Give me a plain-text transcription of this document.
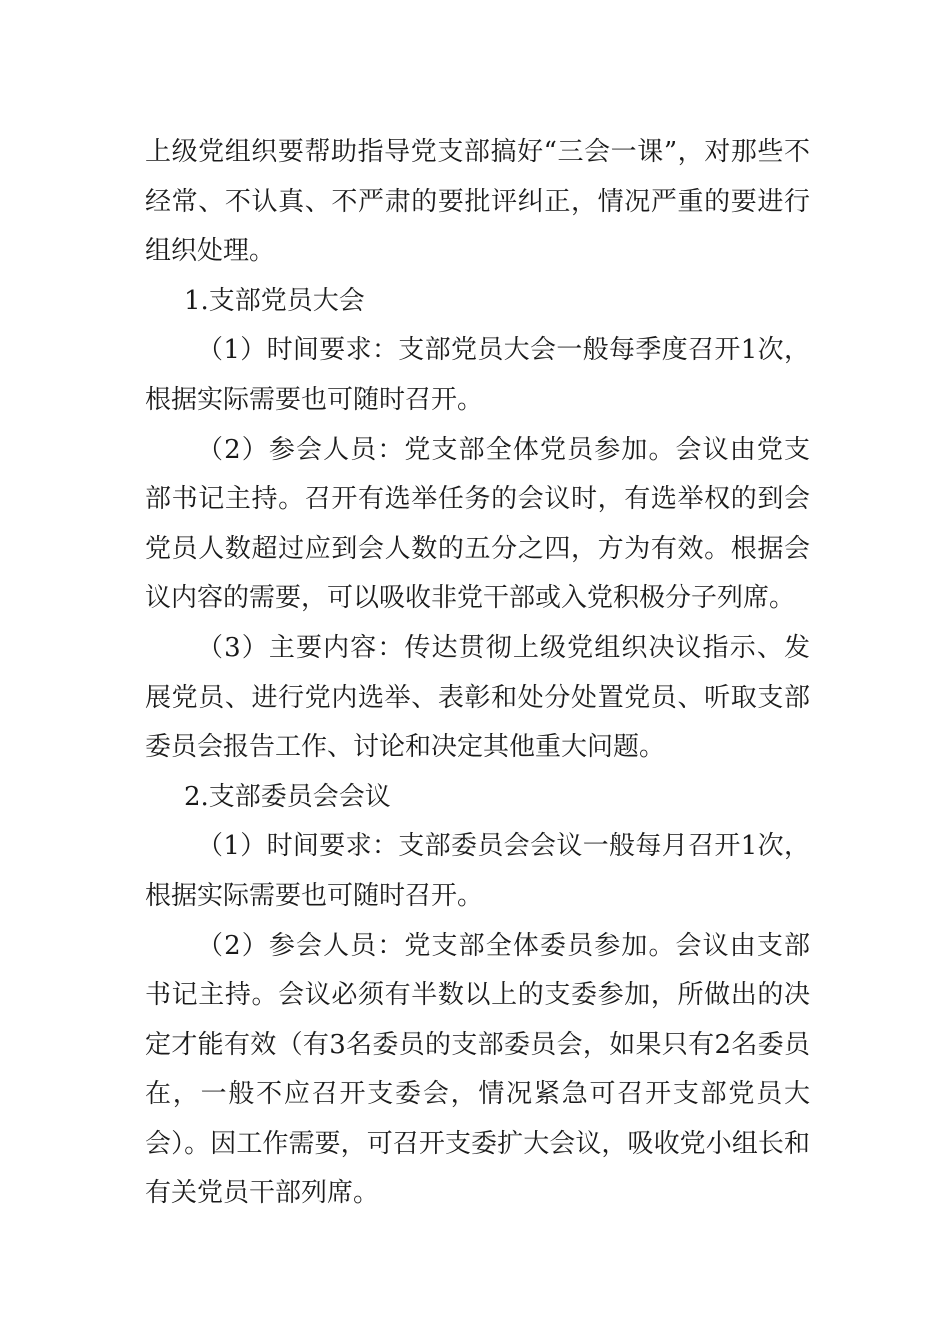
上级党组织要帮助指导党支部搞好“三会一课”，对那些不经常、不认真、不严肃的要批评纠正，情况严重的要进行组织处理。

1.支部党员大会

（1）时间要求：支部党员大会一般每季度召开1次，根据实际需要也可随时召开。

（2）参会人员：党支部全体党员参加。会议由党支部书记主持。召开有选举任务的会议时，有选举权的到会党员人数超过应到会人数的五分之四，方为有效。根据会议内容的需要，可以吸收非党干部或入党积极分子列席。

（3）主要内容：传达贯彻上级党组织决议指示、发展党员、进行党内选举、表彰和处分处置党员、听取支部委员会报告工作、讨论和决定其他重大问题。

2.支部委员会会议

（1）时间要求：支部委员会会议一般每月召开1次，根据实际需要也可随时召开。

（2）参会人员：党支部全体委员参加。会议由支部书记主持。会议必须有半数以上的支委参加，所做出的决定才能有效（有3名委员的支部委员会，如果只有2名委员在，一般不应召开支委会，情况紧急可召开支部党员大会）。因工作需要，可召开支委扩大会议，吸收党小组长和有关党员干部列席。
